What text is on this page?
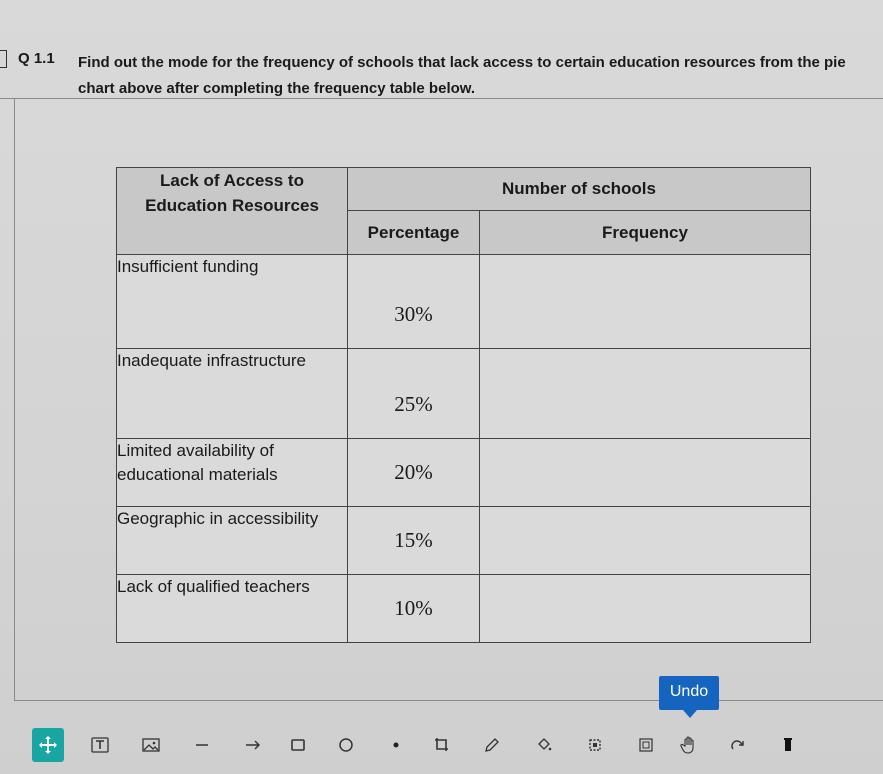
Q 1.1 Find out the mode for the frequency of schools that lack access to certain education resources from the pie chart above after completing the frequency table below.
Lack of Access to Education Resources	Number of schools	
	Percentage	Frequency
Insufficient funding	30%	
Inadequate infrastructure	25%	
Limited availability of educational materials	20%	
Geographic in accessibility	15%	
Lack of qualified teachers	10%	
Undo
